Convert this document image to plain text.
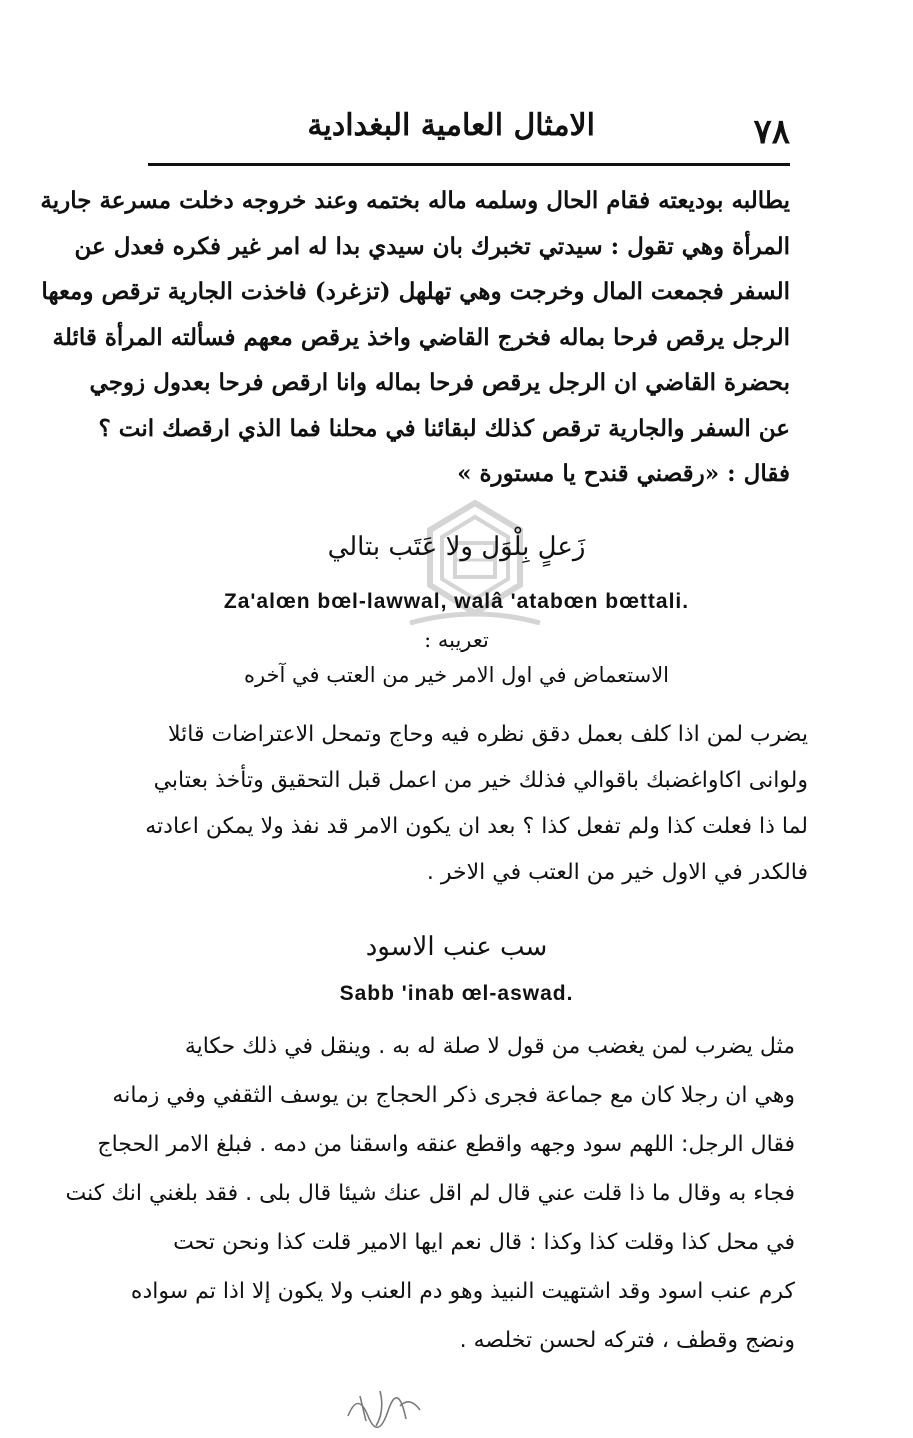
٧٨
الامثال العامية البغدادية
يطالبه بوديعته فقام الحال وسلمه ماله بختمه وعند خروجه دخلت مسرعة جارية
المرأة وهي تقول : سيدتي تخبرك بان سيدي بدا له امر غير فكره فعدل عن
السفر فجمعت المال وخرجت وهي تهلهل (تزغرد) فاخذت الجارية ترقص ومعها
الرجل يرقص فرحا بماله فخرج القاضي واخذ يرقص معهم فسألته المرأة قائلة
بحضرة القاضي ان الرجل يرقص فرحا بماله وانا ارقص فرحا بعدول زوجي
عن السفر والجارية ترقص كذلك لبقائنا في محلنا فما الذي ارقصك انت ؟
فقال : «رقصني قندح يا مستورة »
زَعلٍ بِلْوَل ولا عَتَب بتالي
Za'alœn bœl-lawwal, walâ 'atabœn bœttali.
تعريبه :
الاستعماض في اول الامر خير من العتب في آخره
يضرب لمن اذا كلف بعمل دقق نظره فيه وحاج وتمحل الاعتراضات قائلا
ولوانى اكاواغضبك باقوالي فذلك خير من اعمل قبل التحقيق وتأخذ بعتابي
لما ذا فعلت كذا ولم تفعل كذا ؟ بعد ان يكون الامر قد نفذ ولا يمكن اعادته
فالكدر في الاول خير من العتب في الاخر .
سب عنب الاسود
Sabb 'inab œl-aswad.
مثل يضرب لمن يغضب من قول لا صلة له به . وينقل في ذلك حكاية
وهي ان رجلا كان مع جماعة فجرى ذكر الحجاج بن يوسف الثقفي وفي زمانه
فقال الرجل: اللهم سود وجهه واقطع عنقه واسقنا من دمه . فبلغ الامر الحجاج
فجاء به وقال ما ذا قلت عني قال لم اقل عنك شيئا قال بلى . فقد بلغني انك كنت
في محل كذا وقلت كذا وكذا : قال نعم ايها الامير قلت كذا ونحن تحت
كرم عنب اسود وقد اشتهيت النبيذ وهو دم العنب ولا يكون إلا اذا تم سواده
ونضج وقطف ، فتركه لحسن تخلصه .
